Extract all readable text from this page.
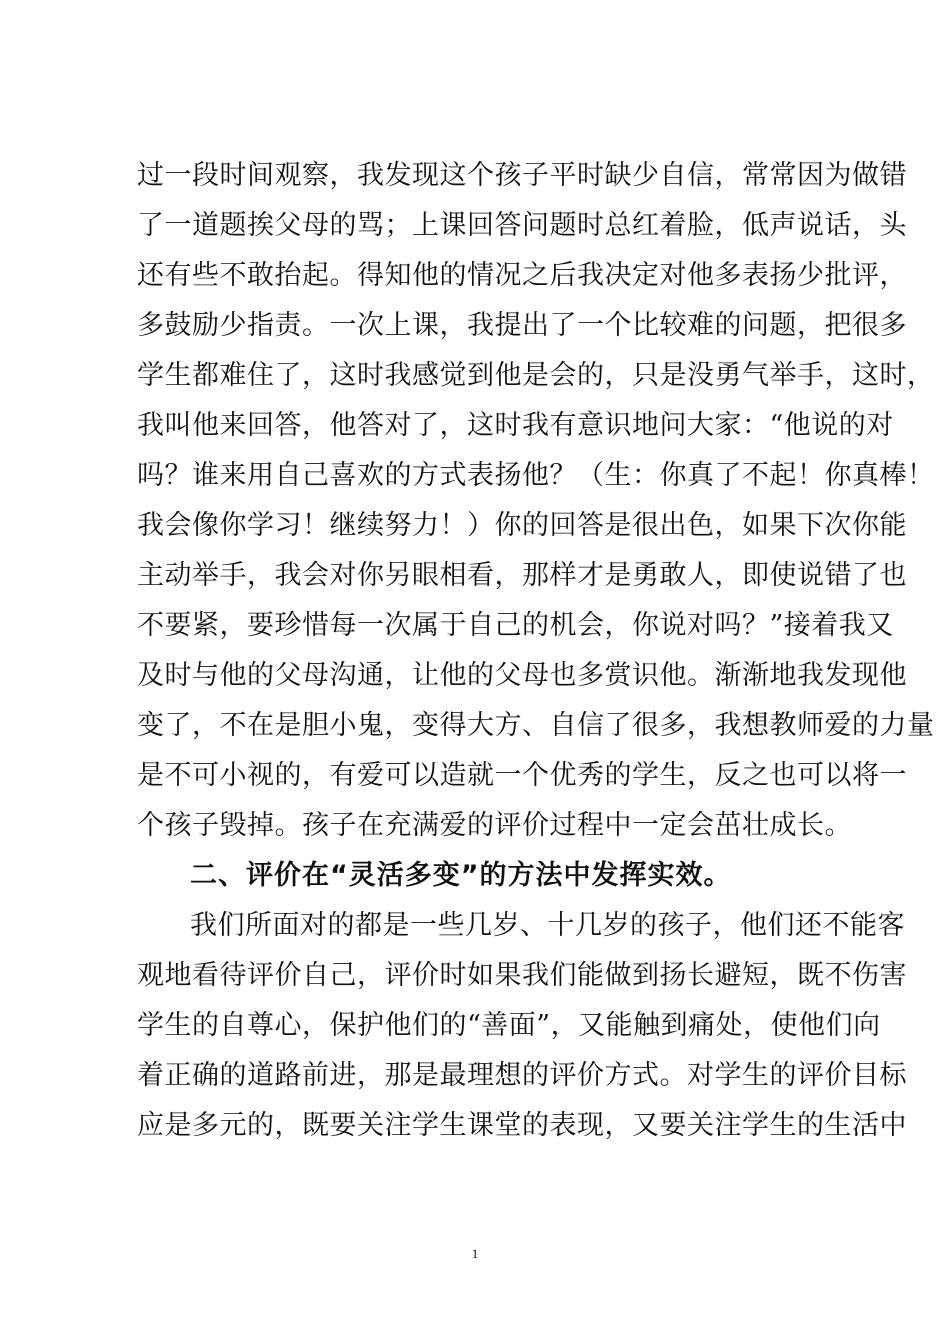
过一段时间观察，我发现这个孩子平时缺少自信，常常因为做错
了一道题挨父母的骂；上课回答问题时总红着脸，低声说话，头
还有些不敢抬起。得知他的情况之后我决定对他多表扬少批评，
多鼓励少指责。一次上课，我提出了一个比较难的问题，把很多
学生都难住了，这时我感觉到他是会的，只是没勇气举手，这时，
我叫他来回答，他答对了，这时我有意识地问大家：“他说的对
吗？谁来用自己喜欢的方式表扬他？（生：你真了不起！你真棒！
我会像你学习！继续努力！）你的回答是很出色，如果下次你能
主动举手，我会对你另眼相看，那样才是勇敢人，即使说错了也
不要紧，要珍惜每一次属于自己的机会，你说对吗？”接着我又
及时与他的父母沟通，让他的父母也多赏识他。渐渐地我发现他
变了，不在是胆小鬼，变得大方、自信了很多，我想教师爱的力量
是不可小视的，有爱可以造就一个优秀的学生，反之也可以将一
个孩子毁掉。孩子在充满爱的评价过程中一定会茁壮成长。
二、评价在“灵活多变”的方法中发挥实效。
我们所面对的都是一些几岁、十几岁的孩子，他们还不能客
观地看待评价自己，评价时如果我们能做到扬长避短，既不伤害
学生的自尊心，保护他们的“善面”，又能触到痛处，使他们向
着正确的道路前进，那是最理想的评价方式。对学生的评价目标
应是多元的，既要关注学生课堂的表现，又要关注学生的生活中
1
